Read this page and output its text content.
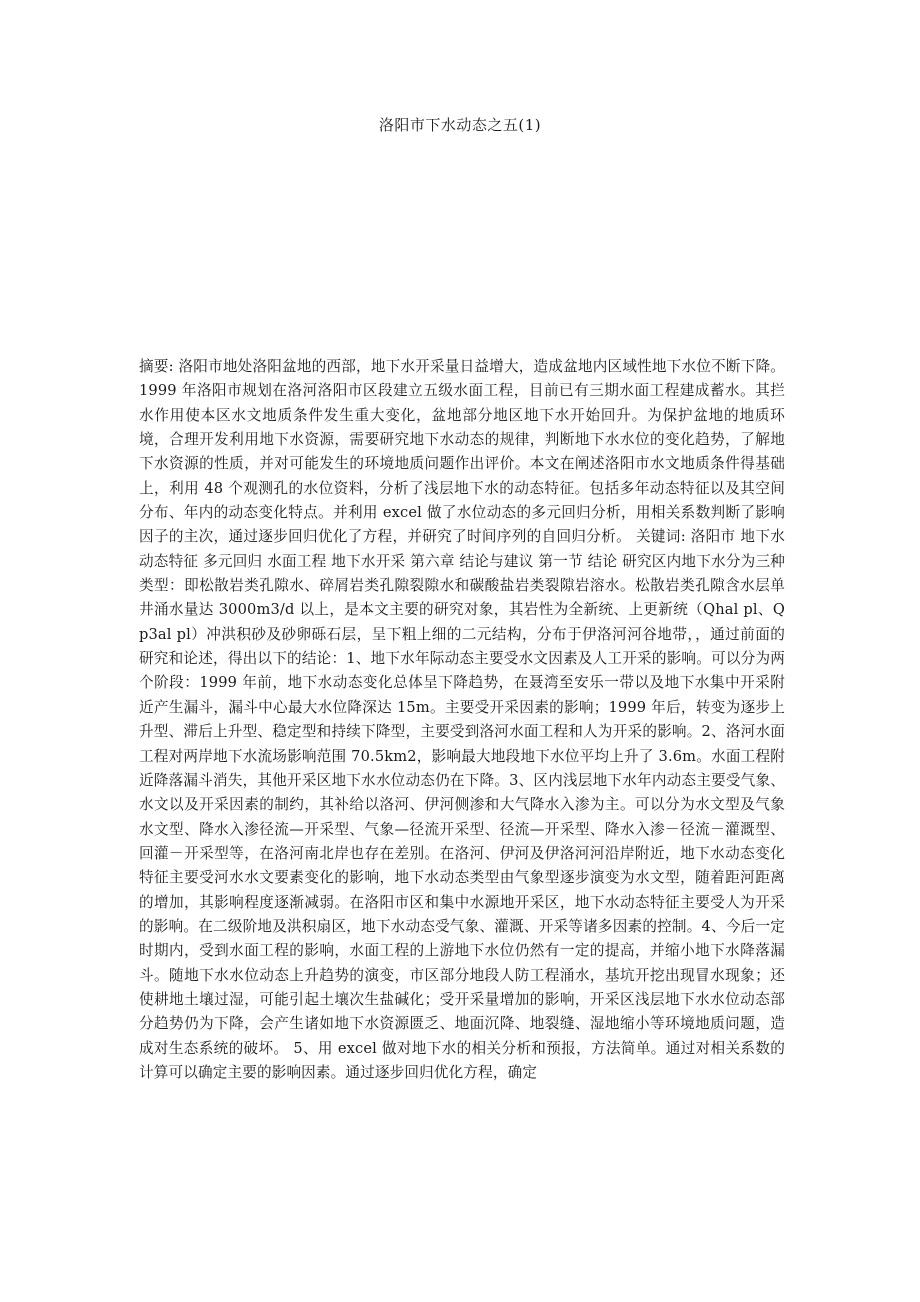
洛阳市下水动态之五(1)
摘要: 洛阳市地处洛阳盆地的西部，地下水开采量日益增大，造成盆地内区域性地下水位不断下降。1999 年洛阳市规划在洛河洛阳市区段建立五级水面工程，目前已有三期水面工程建成蓄水。其拦水作用使本区水文地质条件发生重大变化，盆地部分地区地下水开始回升。为保护盆地的地质环境，合理开发利用地下水资源，需要研究地下水动态的规律，判断地下水水位的变化趋势，了解地下水资源的性质，并对可能发生的环境地质问题作出评价。本文在阐述洛阳市水文地质条件得基础上，利用 48 个观测孔的水位资料，分析了浅层地下水的动态特征。包括多年动态特征以及其空间分布、年内的动态变化特点。并利用 excel 做了水位动态的多元回归分析，用相关系数判断了影响因子的主次，通过逐步回归优化了方程，并研究了时间序列的自回归分析。 关键词: 洛阳市 地下水 动态特征 多元回归 水面工程 地下水开采 第六章 结论与建议 第一节 结论 研究区内地下水分为三种类型：即松散岩类孔隙水、碎屑岩类孔隙裂隙水和碳酸盐岩类裂隙岩溶水。松散岩类孔隙含水层单井涌水量达 3000m3/d 以上，是本文主要的研究对象，其岩性为全新统、上更新统（Qhal pl、Qp3al pl）冲洪积砂及砂卵砾石层，呈下粗上细的二元结构，分布于伊洛河河谷地带，，通过前面的研究和论述，得出以下的结论：1、地下水年际动态主要受水文因素及人工开采的影响。可以分为两个阶段：1999 年前，地下水动态变化总体呈下降趋势，在聂湾至安乐一带以及地下水集中开采附近产生漏斗，漏斗中心最大水位降深达 15m。主要受开采因素的影响；1999 年后，转变为逐步上升型、滞后上升型、稳定型和持续下降型，主要受到洛河水面工程和人为开采的影响。2、洛河水面工程对两岸地下水流场影响范围 70.5km2，影响最大地段地下水位平均上升了 3.6m。水面工程附近降落漏斗消失，其他开采区地下水水位动态仍在下降。3、区内浅层地下水年内动态主要受气象、水文以及开采因素的制约，其补给以洛河、伊河侧渗和大气降水入渗为主。可以分为水文型及气象水文型、降水入渗径流—开采型、气象—径流开采型、径流—开采型、降水入渗－径流－灌溉型、回灌－开采型等，在洛河南北岸也存在差别。在洛河、伊河及伊洛河河沿岸附近，地下水动态变化特征主要受河水水文要素变化的影响，地下水动态类型由气象型逐步演变为水文型，随着距河距离的增加，其影响程度逐渐减弱。在洛阳市区和集中水源地开采区，地下水动态特征主要受人为开采的影响。在二级阶地及洪积扇区，地下水动态受气象、灌溉、开采等诸多因素的控制。4、今后一定时期内，受到水面工程的影响，水面工程的上游地下水位仍然有一定的提高，并缩小地下水降落漏斗。随地下水水位动态上升趋势的演变，市区部分地段人防工程涌水，基坑开挖出现冒水现象；还使耕地土壤过湿，可能引起土壤次生盐碱化；受开采量增加的影响，开采区浅层地下水水位动态部分趋势仍为下降，会产生诸如地下水资源匮乏、地面沉降、地裂缝、湿地缩小等环境地质问题，造成对生态系统的破坏。 5、用 excel 做对地下水的相关分析和预报，方法简单。通过对相关系数的计算可以确定主要的影响因素。通过逐步回归优化方程，确定
